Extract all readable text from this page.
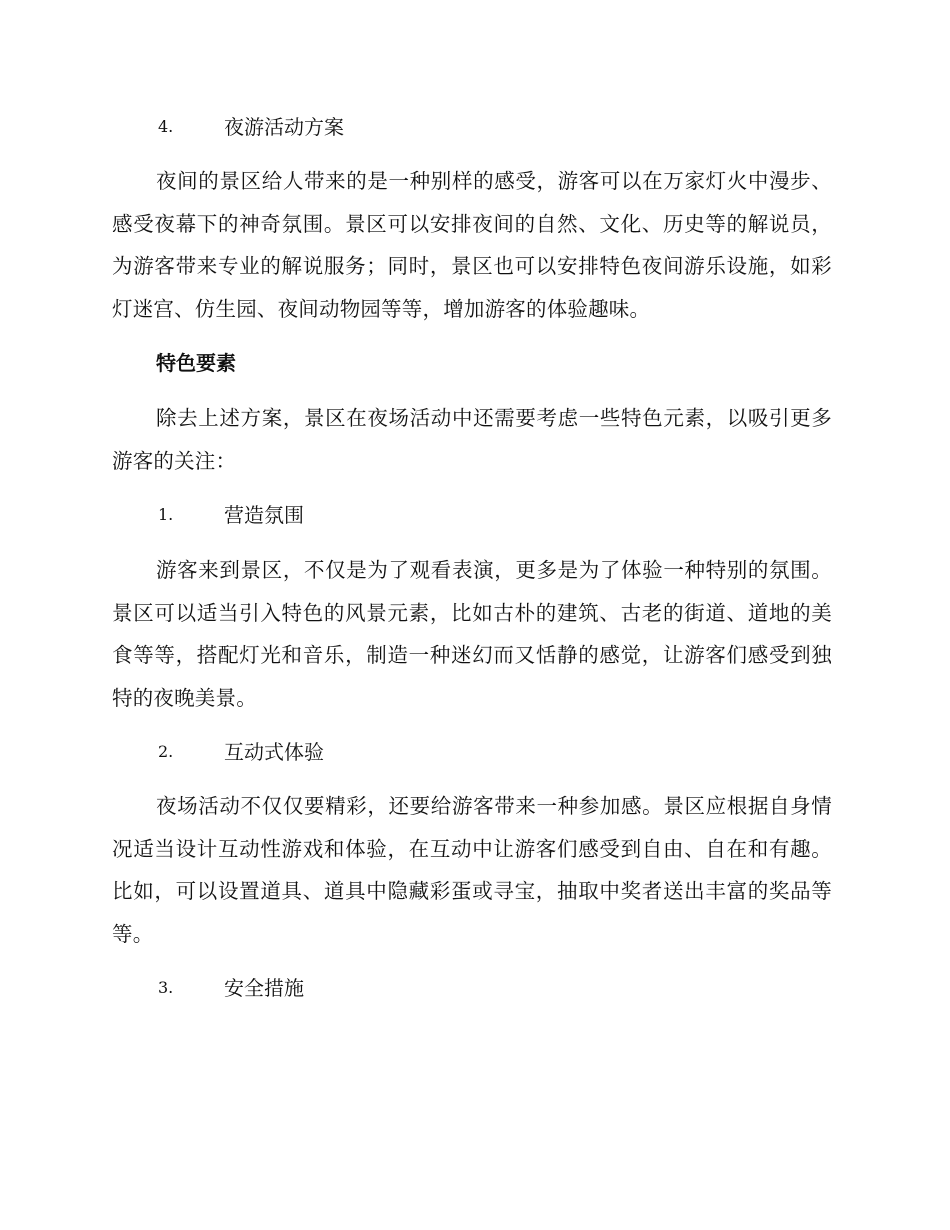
4.	夜游活动方案
夜间的景区给人带来的是一种别样的感受，游客可以在万家灯火中漫步、感受夜幕下的神奇氛围。景区可以安排夜间的自然、文化、历史等的解说员，为游客带来专业的解说服务；同时，景区也可以安排特色夜间游乐设施，如彩灯迷宫、仿生园、夜间动物园等等，增加游客的体验趣味。
特色要素
除去上述方案，景区在夜场活动中还需要考虑一些特色元素，以吸引更多游客的关注：
1.	营造氛围
游客来到景区，不仅是为了观看表演，更多是为了体验一种特别的氛围。景区可以适当引入特色的风景元素，比如古朴的建筑、古老的街道、道地的美食等等，搭配灯光和音乐，制造一种迷幻而又恬静的感觉，让游客们感受到独特的夜晚美景。
2.	互动式体验
夜场活动不仅仅要精彩，还要给游客带来一种参加感。景区应根据自身情况适当设计互动性游戏和体验，在互动中让游客们感受到自由、自在和有趣。比如，可以设置道具、道具中隐藏彩蛋或寻宝，抽取中奖者送出丰富的奖品等等。
3.	安全措施
